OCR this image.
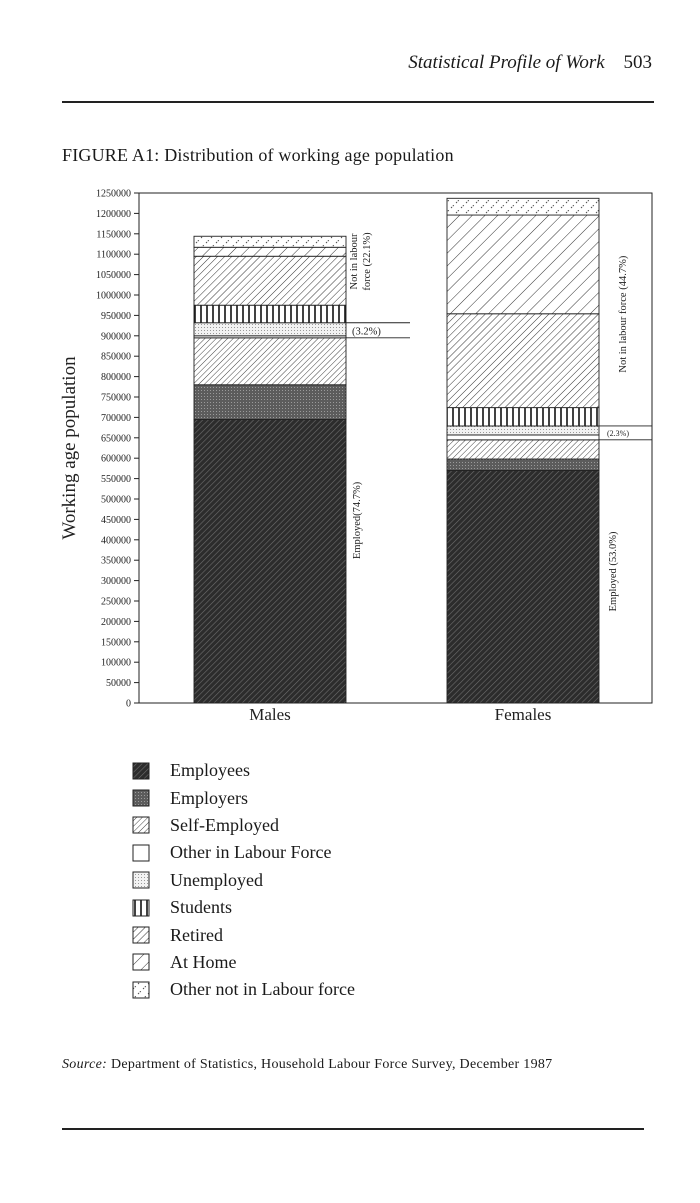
Statistical Profile of Work 503
FIGURE A1: Distribution of working age population
0
50000
100000
150000
200000
250000
300000
350000
400000
450000
500000
550000
600000
650000
700000
750000
800000
850000
900000
950000
1000000
1050000
1100000
1150000
1200000
1250000
Working age population
Males	Females
Employed(74.7%)
(3.2%)
Not in labour force (22.1%)
Employed (53.0%)
(2.3%)
Not in labour force (44.7%)
Employees
Employers
Self-Employed
Other in Labour Force
Unemployed
Students
Retired
At Home
Other not in Labour force
Source: Department of Statistics, Household Labour Force Survey, December 1987
